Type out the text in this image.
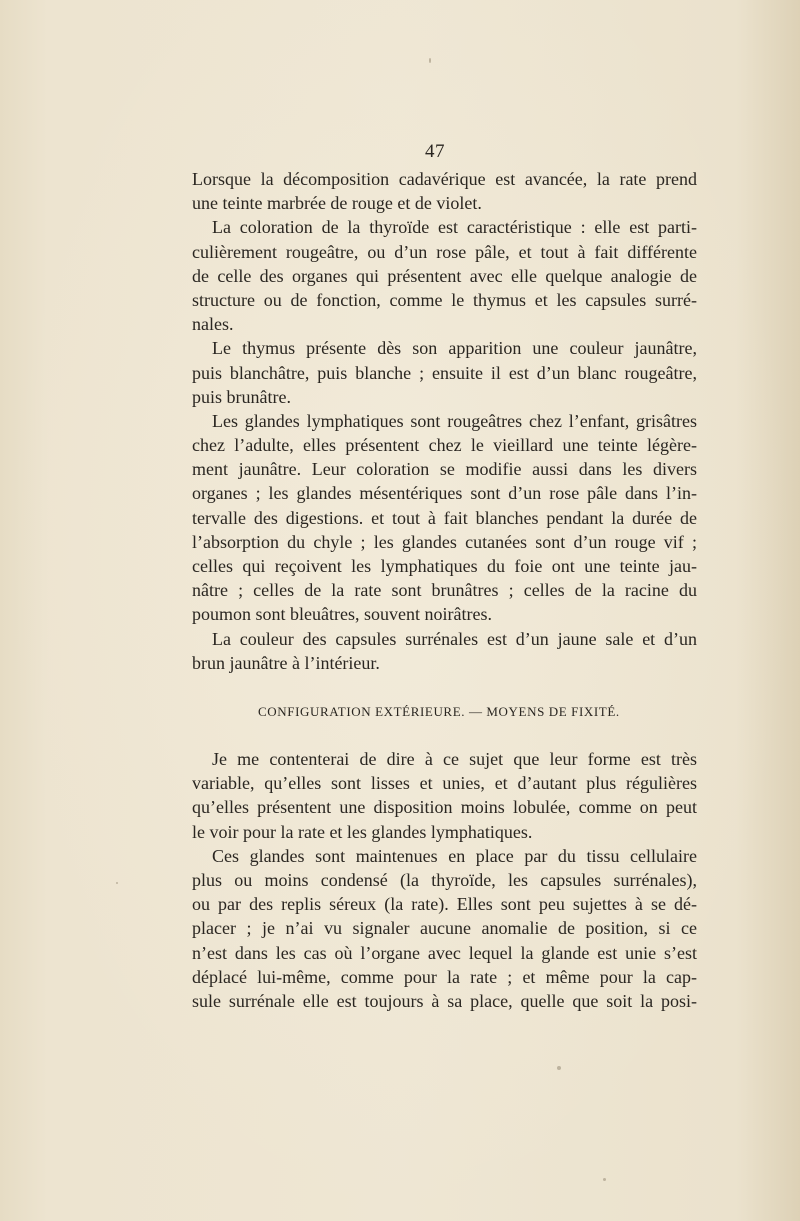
47
Lorsque la décomposition cadavérique est avancée, la rate prend
une teinte marbrée de rouge et de violet.
La coloration de la thyroïde est caractéristique : elle est parti-
culièrement rougeâtre, ou d’un rose pâle, et tout à fait différente
de celle des organes qui présentent avec elle quelque analogie de
structure ou de fonction, comme le thymus et les capsules surré-
nales.
Le thymus présente dès son apparition une couleur jaunâtre,
puis blanchâtre, puis blanche ; ensuite il est d’un blanc rougeâtre,
puis brunâtre.
Les glandes lymphatiques sont rougeâtres chez l’enfant, grisâtres
chez l’adulte, elles présentent chez le vieillard une teinte légère-
ment jaunâtre. Leur coloration se modifie aussi dans les divers
organes ; les glandes mésentériques sont d’un rose pâle dans l’in-
tervalle des digestions. et tout à fait blanches pendant la durée de
l’absorption du chyle ; les glandes cutanées sont d’un rouge vif ;
celles qui reçoivent les lymphatiques du foie ont une teinte jau-
nâtre ; celles de la rate sont brunâtres ; celles de la racine du
poumon sont bleuâtres, souvent noirâtres.
La couleur des capsules surrénales est d’un jaune sale et d’un
brun jaunâtre à l’intérieur.
CONFIGURATION EXTÉRIEURE. — MOYENS DE FIXITÉ.
Je me contenterai de dire à ce sujet que leur forme est très
variable, qu’elles sont lisses et unies, et d’autant plus régulières
qu’elles présentent une disposition moins lobulée, comme on peut
le voir pour la rate et les glandes lymphatiques.
Ces glandes sont maintenues en place par du tissu cellulaire
plus ou moins condensé (la thyroïde, les capsules surrénales),
ou par des replis séreux (la rate). Elles sont peu sujettes à se dé-
placer ; je n’ai vu signaler aucune anomalie de position, si ce
n’est dans les cas où l’organe avec lequel la glande est unie s’est
déplacé lui-même, comme pour la rate ; et même pour la cap-
sule surrénale elle est toujours à sa place, quelle que soit la posi-
